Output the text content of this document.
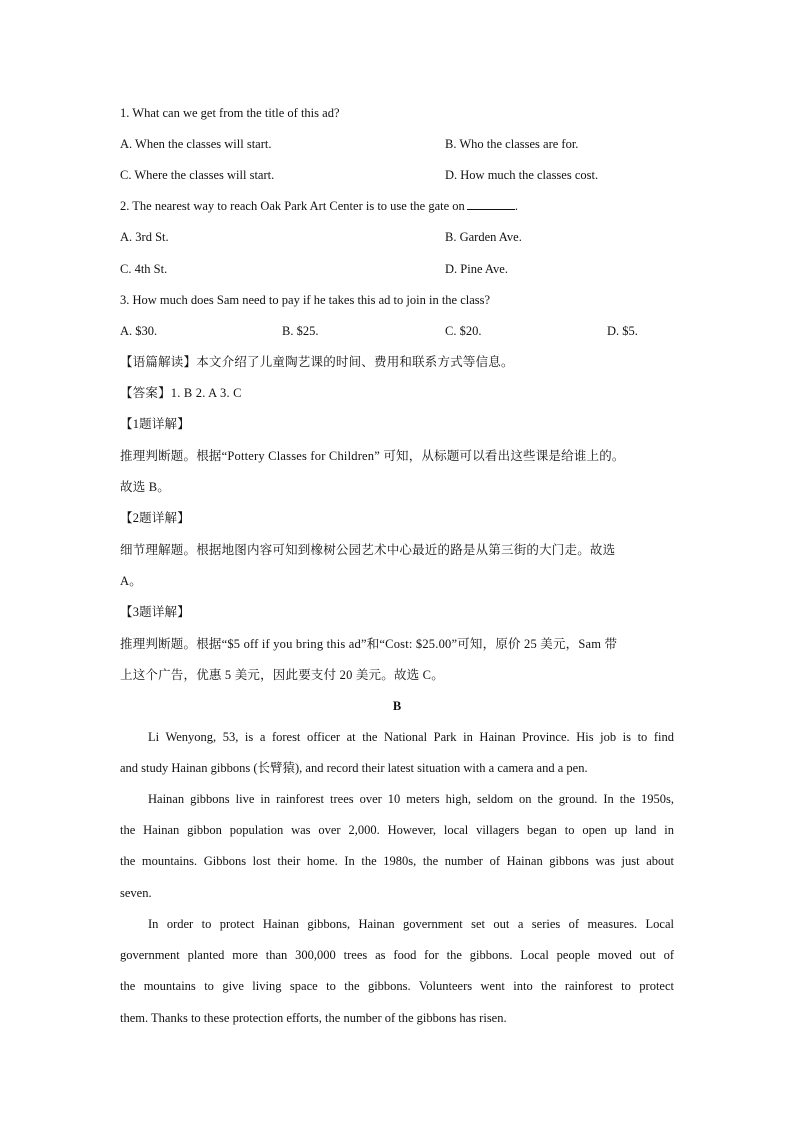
1. What can we get from the title of this ad?
A. When the classes will start.	B. Who the classes are for.
C. Where the classes will start.	D. How much the classes cost.
2. The nearest way to reach Oak Park Art Center is to use the gate on	.
A. 3rd St.	B. Garden Ave.
C. 4th St.	D. Pine Ave.
3. How much does Sam need to pay if he takes this ad to join in the class?
A. $30.	B. $25.	C. $20.	D. $5.
【语篇解读】本文介绍了儿童陶艺课的时间、费用和联系方式等信息。
【答案】1. B 2. A 3. C
【1题详解】
推理判断题。根据“Pottery Classes for Children” 可知，从标题可以看出这些课是给谁上的。
故选 B。
【2题详解】
细节理解题。根据地图内容可知到橡树公园艺术中心最近的路是从第三街的大门走。故选
A。
【3题详解】
推理判断题。根据“$5 off if you bring this ad”和“Cost: $25.00”可知，原价 25 美元，Sam 带
上这个广告，优惠 5 美元，因此要支付 20 美元。故选 C。
B
Li Wenyong, 53, is a forest officer at the National Park in Hainan Province. His job is to find
and study Hainan gibbons (长臂猿), and record their latest situation with a camera and a pen.
Hainan gibbons live in rainforest trees over 10 meters high, seldom on the ground. In the 1950s,
the Hainan gibbon population was over 2,000. However, local villagers began to open up land in
the mountains. Gibbons lost their home. In the 1980s, the number of Hainan gibbons was just about
seven.
In order to protect Hainan gibbons, Hainan government set out a series of measures. Local
government planted more than 300,000 trees as food for the gibbons. Local people moved out of
the mountains to give living space to the gibbons. Volunteers went into the rainforest to protect
them. Thanks to these protection efforts, the number of the gibbons has risen.
